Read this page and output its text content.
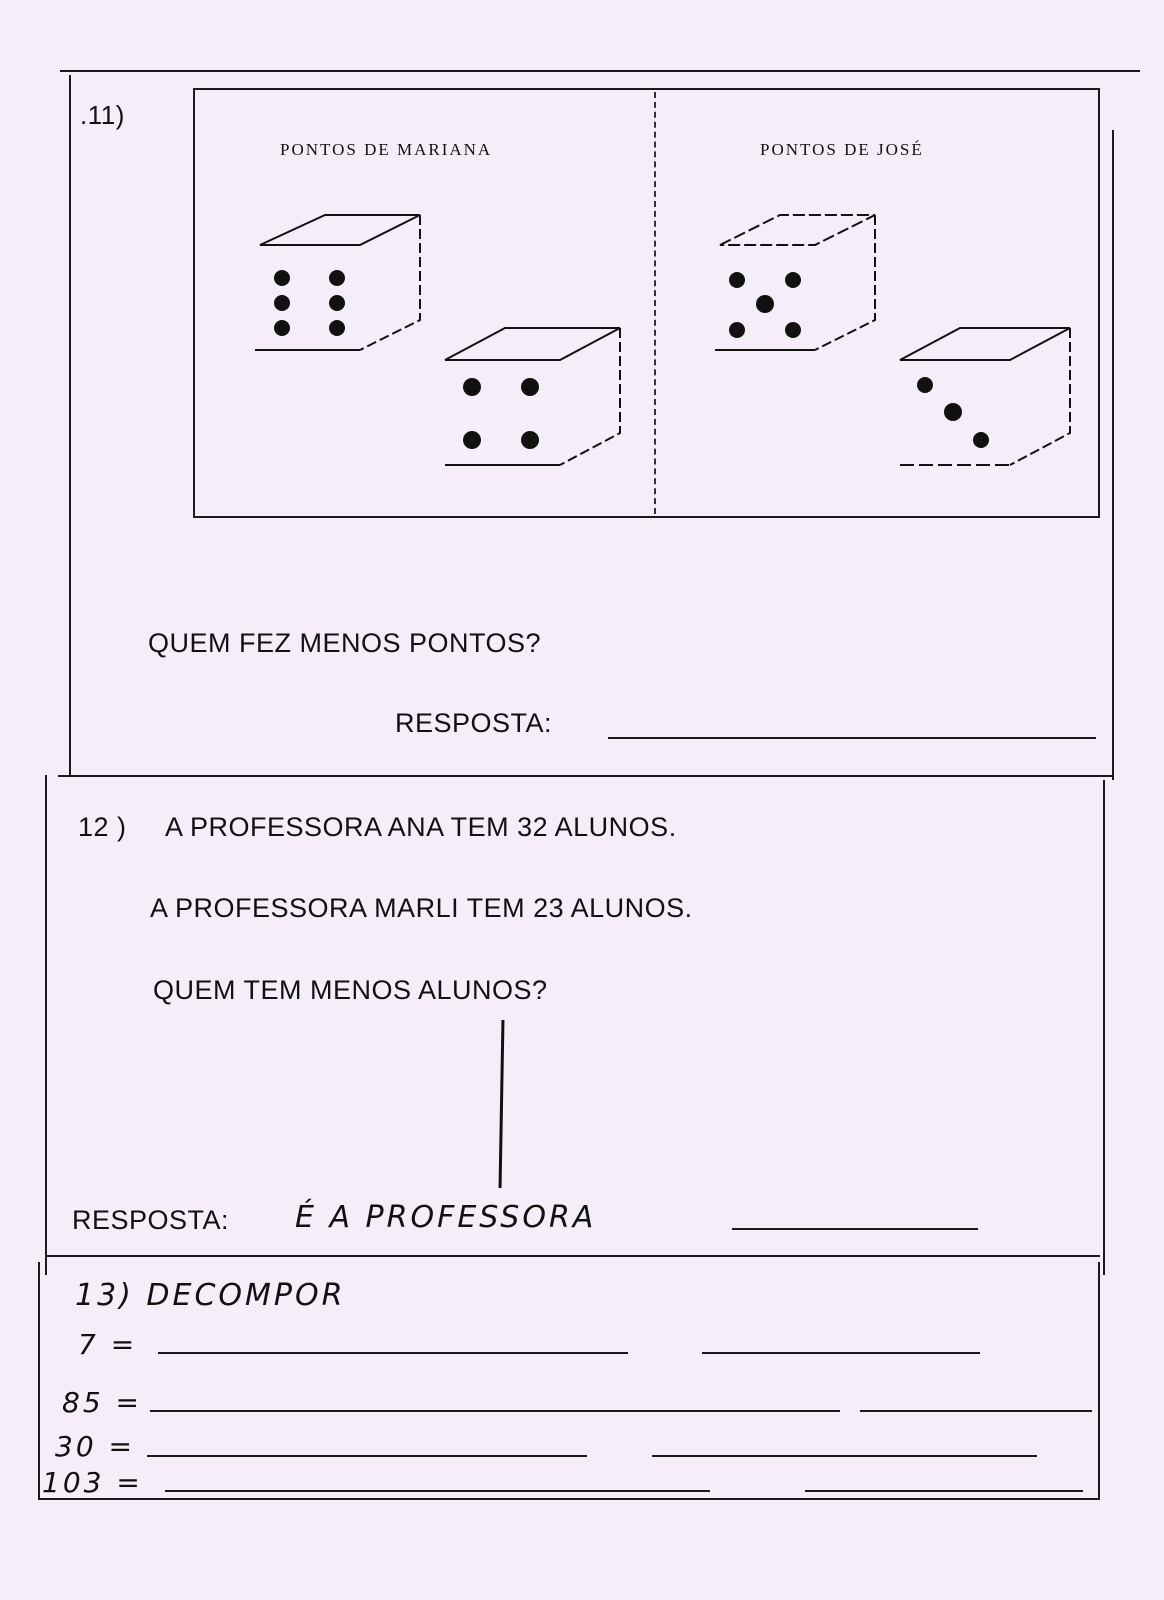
.11)
PONTOS DE MARIANA	PONTOS DE JOSÉ
QUEM FEZ MENOS PONTOS?
RESPOSTA:
12 ) A PROFESSORA ANA TEM 32 ALUNOS.
A PROFESSORA MARLI TEM 23 ALUNOS.
QUEM TEM MENOS ALUNOS?
RESPOSTA: É A PROFESSORA
13) DECOMPOR
7 =
85 =
30 =
103 =
